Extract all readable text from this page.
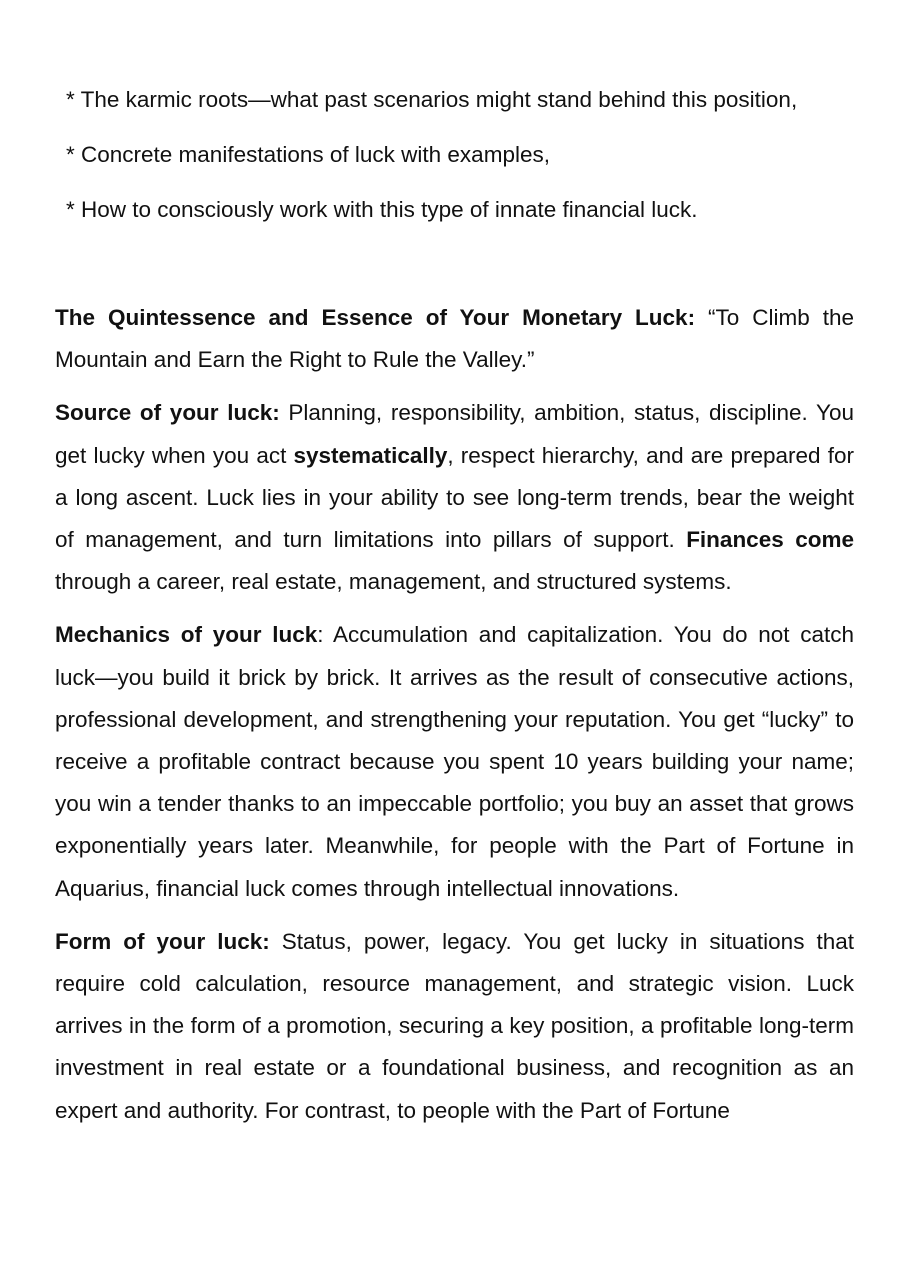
* The karmic roots—what past scenarios might stand behind this position,
* Concrete manifestations of luck with examples,
* How to consciously work with this type of innate financial luck.

The Quintessence and Essence of Your Monetary Luck: “To Climb the Mountain and Earn the Right to Rule the Valley.”

Source of your luck: Planning, responsibility, ambition, status, discipline. You get lucky when you act systematically, respect hierarchy, and are prepared for a long ascent. Luck lies in your ability to see long-term trends, bear the weight of management, and turn limitations into pillars of support. Finances come through a career, real estate, management, and structured systems.

Mechanics of your luck: Accumulation and capitalization. You do not catch luck—you build it brick by brick. It arrives as the result of consecutive actions, professional development, and strengthening your reputation. You get “lucky” to receive a profitable contract because you spent 10 years building your name; you win a tender thanks to an impeccable portfolio; you buy an asset that grows exponentially years later. Meanwhile, for people with the Part of Fortune in Aquarius, financial luck comes through intellectual innovations.

Form of your luck: Status, power, legacy. You get lucky in situations that require cold calculation, resource management, and strategic vision. Luck arrives in the form of a promotion, securing a key position, a profitable long-term investment in real estate or a foundational business, and recognition as an expert and authority. For contrast, to people with the Part of Fortune
